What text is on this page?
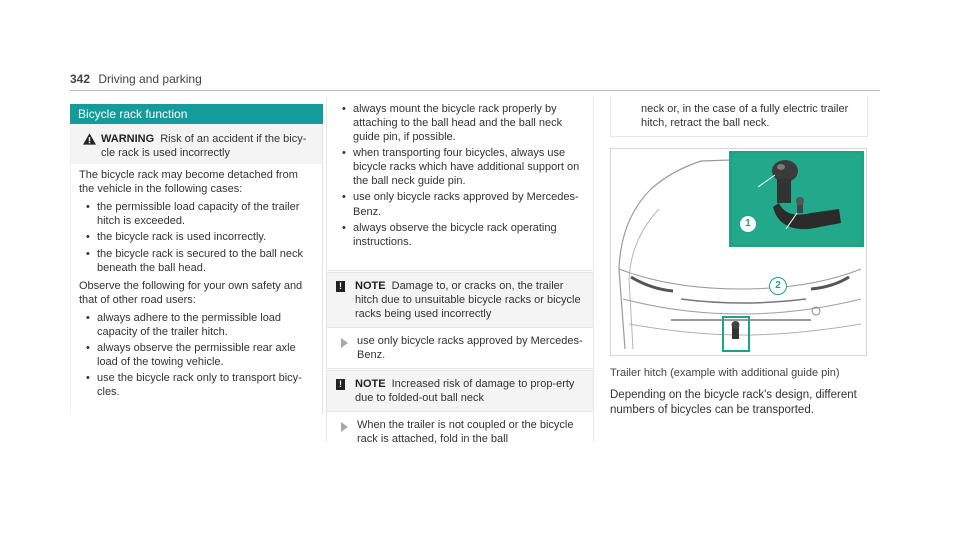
342 Driving and parking
Bicycle rack function
WARNING Risk of an accident if the bicy-cle rack is used incorrectly

The bicycle rack may become detached from the vehicle in the following cases:

• the permissible load capacity of the trailer hitch is exceeded.
• the bicycle rack is used incorrectly.
• the bicycle rack is secured to the ball neck beneath the ball head.

Observe the following for your own safety and that of other road users:

• always adhere to the permissible load capacity of the trailer hitch.
• always observe the permissible rear axle load of the towing vehicle.
• use the bicycle rack only to transport bicy-cles.
• always mount the bicycle rack properly by attaching to the ball head and the ball neck guide pin, if possible.
• when transporting four bicycles, always use bicycle racks which have additional support on the ball neck guide pin.
• use only bicycle racks approved by Mercedes-Benz.
• always observe the bicycle rack operating instructions.
!	NOTE Damage to, or cracks on, the trailer hitch due to unsuitable bicycle racks or bicycle racks being used incorrectly
use only bicycle racks approved by Mercedes-Benz.
!	NOTE Increased risk of damage to prop-erty due to folded-out ball neck
When the trailer is not coupled or the bicycle rack is attached, fold in the ball
neck or, in the case of a fully electric trailer hitch, retract the ball neck.
1
2
Trailer hitch (example with additional guide pin)
Depending on the bicycle rack's design, different numbers of bicycles can be transported.
